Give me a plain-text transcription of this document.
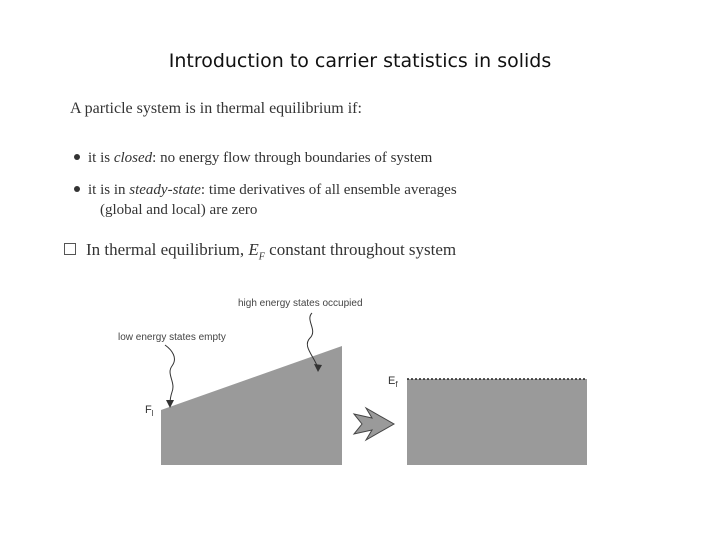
Introduction to carrier statistics in solids
A particle system is in thermal equilibrium if:
it is closed: no energy flow through boundaries of system
it is in steady-state: time derivatives of all ensemble averages
(global and local) are zero
In thermal equilibrium, $E_F$ constant throughout system
high energy states occupied
low energy states empty
$F_l$
$E_f$
